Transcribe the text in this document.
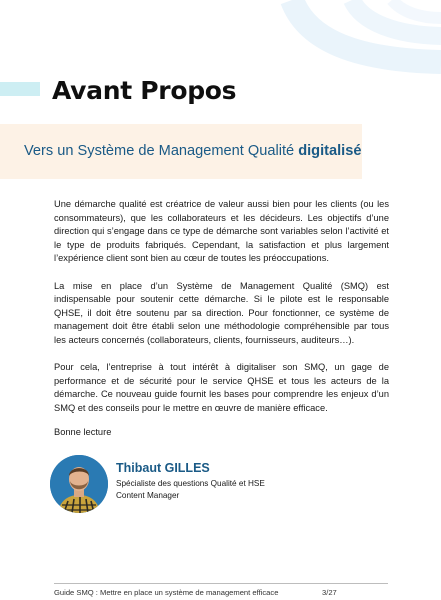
Avant Propos

Vers un Système de Management Qualité digitalisé

Une démarche qualité est créatrice de valeur aussi bien pour les clients (ou les consommateurs), que les collaborateurs et les décideurs. Les objectifs d’une direction qui s’engage dans ce type de démarche sont variables selon l’activité et le type de produits fabriqués. Cependant, la satisfaction et plus largement l’expérience client sont bien au cœur de toutes les préoccupations.

La mise en place d’un Système de Management Qualité (SMQ) est indispensable pour soutenir cette démarche. Si le pilote est le responsable QHSE, il doit être soutenu par sa direction. Pour fonctionner, ce système de management doit être établi selon une méthodologie compréhensible par tous les acteurs concernés (collaborateurs, clients, fournisseurs, auditeurs…).

Pour cela, l’entreprise à tout intérêt à digitaliser son SMQ, un gage de performance et de sécurité pour le service QHSE et tous les acteurs de la démarche. Ce nouveau guide fournit les bases pour comprendre les enjeux d’un SMQ et des conseils pour le mettre en œuvre de manière efficace.

Bonne lecture
Thibaut GILLES
Spécialiste des questions Qualité et HSE
Content Manager
Guide SMQ : Mettre en place un système de management efficace	3/27
